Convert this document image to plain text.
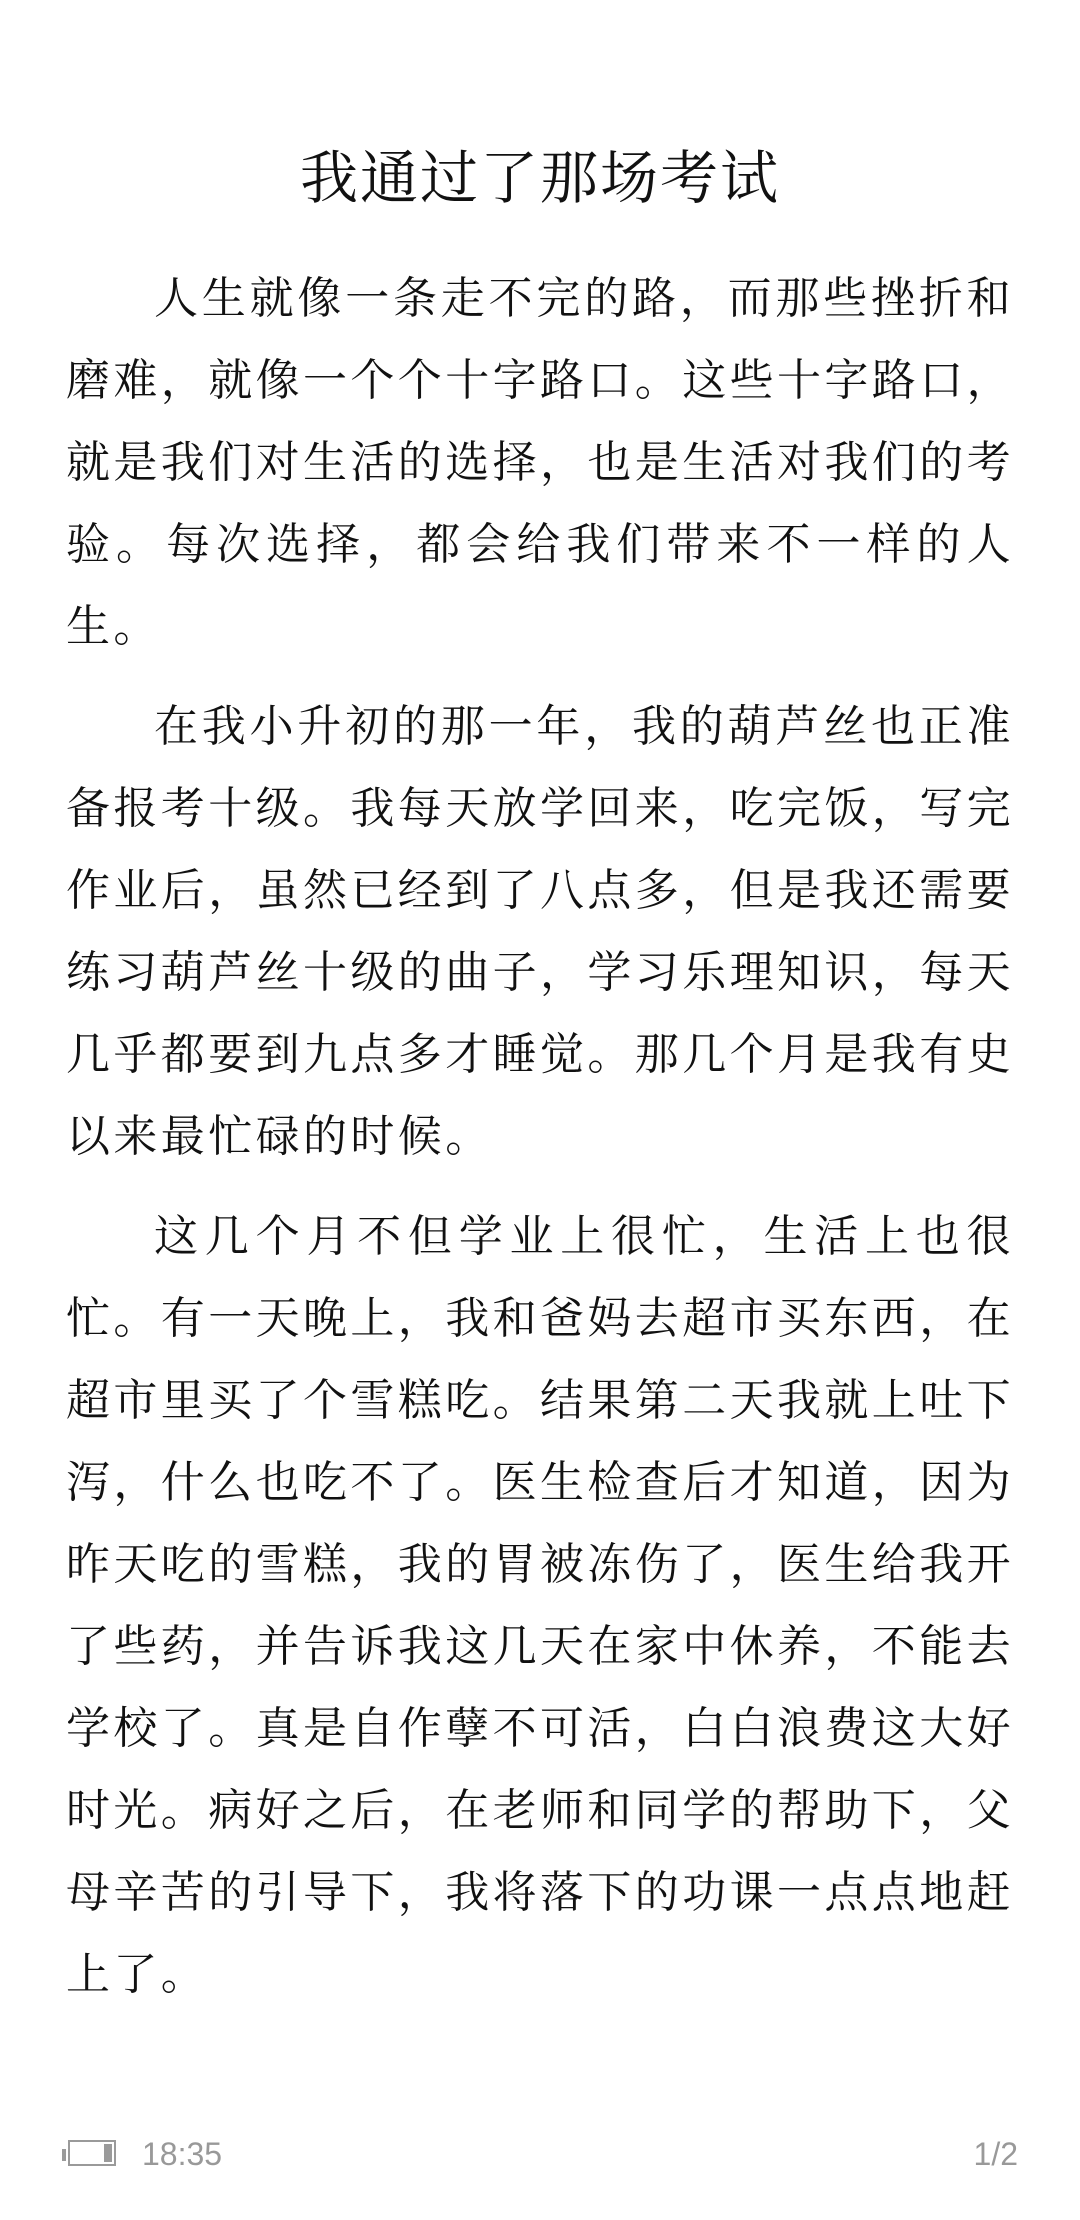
我通过了那场考试

人生就像一条走不完的路，而那些挫折和磨难，就像一个个十字路口。这些十字路口，就是我们对生活的选择，也是生活对我们的考验。每次选择，都会给我们带来不一样的人生。

在我小升初的那一年，我的葫芦丝也正准备报考十级。我每天放学回来，吃完饭，写完作业后，虽然已经到了八点多，但是我还需要练习葫芦丝十级的曲子，学习乐理知识，每天几乎都要到九点多才睡觉。那几个月是我有史以来最忙碌的时候。

这几个月不但学业上很忙，生活上也很忙。有一天晚上，我和爸妈去超市买东西，在超市里买了个雪糕吃。结果第二天我就上吐下泻，什么也吃不了。医生检查后才知道，因为昨天吃的雪糕，我的胃被冻伤了，医生给我开了些药，并告诉我这几天在家中休养，不能去学校了。真是自作孽不可活，白白浪费这大好时光。病好之后，在老师和同学的帮助下，父母辛苦的引导下，我将落下的功课一点点地赶上了。

18:35	1/2
